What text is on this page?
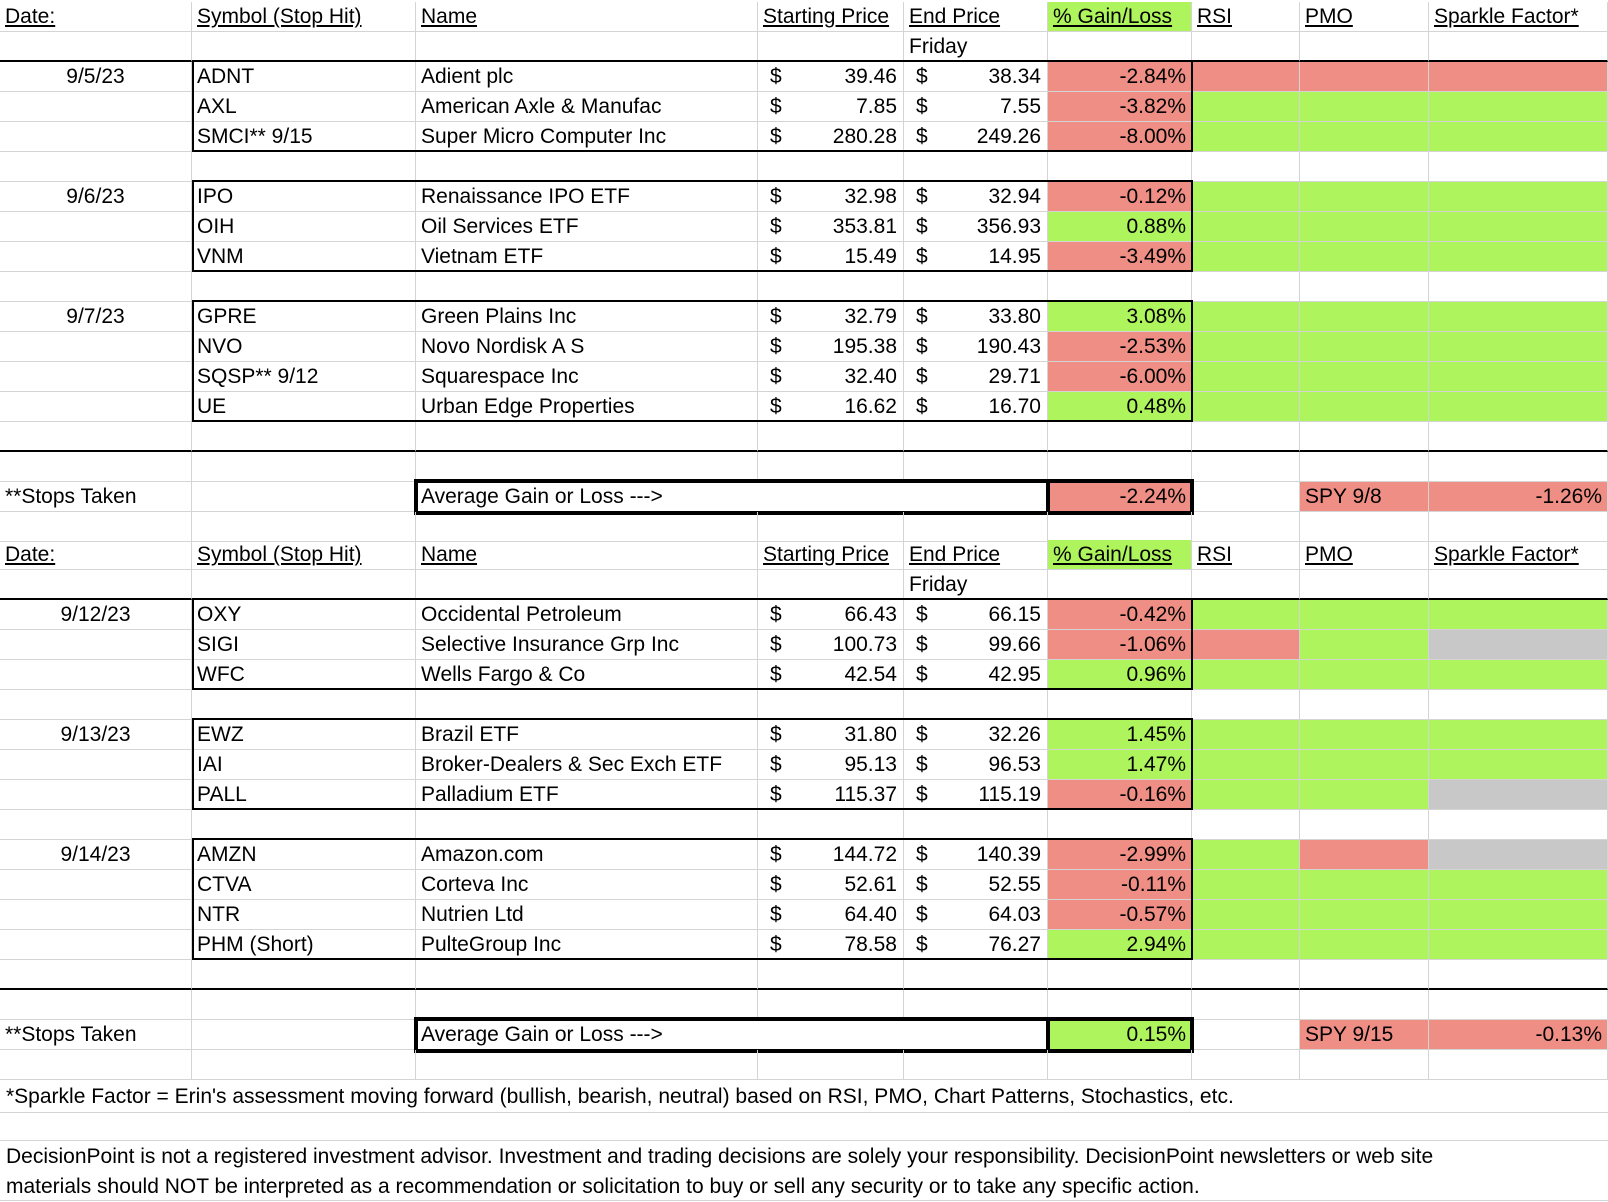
Date:	Symbol (Stop Hit)	Name	Starting Price End Price	% Gain/Loss	RSI	PMO	Sparkle Factor*
Friday
9/5/23	ADNT	Adient plc	$	39.46 $	38.34	-2.84%
AXL	American Axle & Manufac	$	7.85 $	7.55	-3.82%
SMCI** 9/15	Super Micro Computer Inc	$ 280.28 $ 249.26	-8.00%
9/6/23	IPO	Renaissance IPO ETF	$	32.98 $	32.94	-0.12%
OIH	Oil Services ETF	$ 353.81 $ 356.93	0.88%
VNM	Vietnam ETF	$	15.49 $	14.95	-3.49%
9/7/23	GPRE	Green Plains Inc	$	32.79 $	33.80	3.08%
NVO	Novo Nordisk A S	$ 195.38 $ 190.43	-2.53%
SQSP** 9/12	Squarespace Inc	$	32.40 $	29.71	-6.00%
UE	Urban Edge Properties	$	16.62 $	16.70	0.48%
**Stops Taken	Average Gain or Loss --->	-2.24%	SPY 9/8	-1.26%
Date:	Symbol (Stop Hit)	Name	Starting Price End Price	% Gain/Loss	RSI	PMO	Sparkle Factor*
Friday
9/12/23	OXY	Occidental Petroleum	$	66.43 $	66.15	-0.42%
SIGI	Selective Insurance Grp Inc	$ 100.73 $	99.66	-1.06%
WFC	Wells Fargo & Co	$	42.54 $	42.95	0.96%
9/13/23	EWZ	Brazil ETF	$	31.80 $	32.26	1.45%
IAI	Broker-Dealers & Sec Exch ETF	$	95.13 $	96.53	1.47%
PALL	Palladium ETF	$	115.37 $ 115.19	-0.16%
9/14/23	AMZN	Amazon.com	$ 144.72 $ 140.39	-2.99%
CTVA	Corteva Inc	$	52.61 $	52.55	-0.11%
NTR	Nutrien Ltd	$	64.40 $	64.03	-0.57%
PHM (Short)	PulteGroup Inc	$	78.58 $	76.27	2.94%
**Stops Taken	Average Gain or Loss --->	0.15%	SPY 9/15	-0.13%
*Sparkle Factor = Erin's assessment moving forward (bullish, bearish, neutral) based on RSI, PMO, Chart Patterns, Stochastics, etc.
DecisionPoint is not a registered investment advisor. Investment and trading decisions are solely your responsibility. DecisionPoint newsletters or web site
materials should NOT be interpreted as a recommendation or solicitation to buy or sell any security or to take any specific action.
